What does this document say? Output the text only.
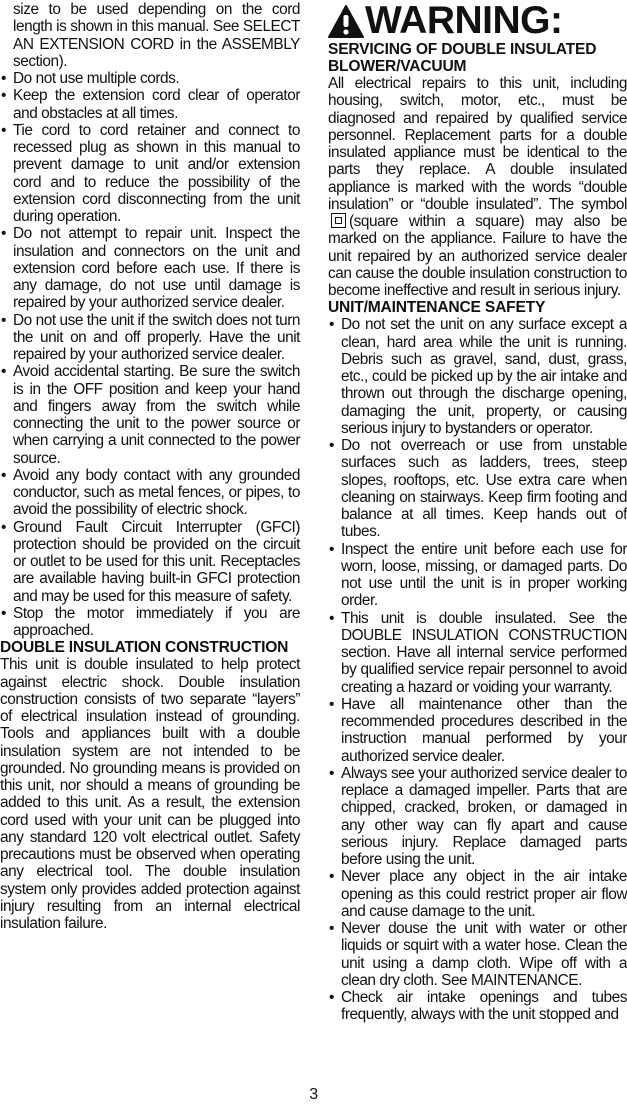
size to be used depending on the cord length is shown in this manual. See SELECT AN EXTENSION CORD in the ASSEMBLY section).

• Do not use multiple cords.

• Keep the extension cord clear of operator and obstacles at all times.

• Tie cord to cord retainer and connect to recessed plug as shown in this manual to prevent damage to unit and/or extension cord and to reduce the possibility of the extension cord disconnecting from the unit during operation.

• Do not attempt to repair unit. Inspect the insulation and connectors on the unit and extension cord before each use. If there is any damage, do not use until damage is repaired by your authorized service dealer.

• Do not use the unit if the switch does not turn the unit on and off properly. Have the unit repaired by your authorized service dealer.

• Avoid accidental starting. Be sure the switch is in the OFF position and keep your hand and fingers away from the switch while connecting the unit to the power source or when carrying a unit connected to the power source.

• Avoid any body contact with any grounded conductor, such as metal fences, or pipes, to avoid the possibility of electric shock.

• Ground Fault Circuit Interrupter (GFCI) protection should be provided on the circuit or outlet to be used for this unit. Receptacles are available having built-in GFCI protection and may be used for this measure of safety.

• Stop the motor immediately if you are approached.

DOUBLE INSULATION CONSTRUCTION

This unit is double insulated to help protect against electric shock. Double insulation construction consists of two separate “layers” of electrical insulation instead of grounding. Tools and appliances built with a double insulation system are not intended to be grounded. No grounding means is provided on this unit, nor should a means of grounding be added to this unit. As a result, the extension cord used with your unit can be plugged into any standard 120 volt electrical outlet. Safety precautions must be observed when operating any electrical tool. The double insulation system only provides added protection against injury resulting from an internal electrical insulation failure.

WARNING:
SERVICING OF DOUBLE INSULATED BLOWER/VACUUM

All electrical repairs to this unit, including housing, switch, motor, etc., must be diagnosed and repaired by qualified service personnel. Replacement parts for a double insulated appliance must be identical to the parts they replace. A double insulated appliance is marked with the words “double insulation” or “double insulated”. The symbol(square within a square) may also be marked on the appliance. Failure to have the unit repaired by an authorized service dealer can cause the double insulation construction to become ineffective and result in serious injury.

UNIT/MAINTENANCE SAFETY

• Do not set the unit on any surface except a clean, hard area while the unit is running. Debris such as gravel, sand, dust, grass, etc., could be picked up by the air intake and thrown out through the discharge opening, damaging the unit, property, or causing serious injury to bystanders or operator.

• Do not overreach or use from unstable surfaces such as ladders, trees, steep slopes, rooftops, etc. Use extra care when cleaning on stairways. Keep firm footing and balance at all times. Keep hands out of tubes.

• Inspect the entire unit before each use for worn, loose, missing, or damaged parts. Do not use until the unit is in proper working order.

• This unit is double insulated. See the DOUBLE INSULATION CONSTRUCTION section. Have all internal service performed by qualified service repair personnel to avoid creating a hazard or voiding your warranty.

• Have all maintenance other than the recommended procedures described in the instruction manual performed by your authorized service dealer.

• Always see your authorized service dealer to replace a damaged impeller. Parts that are chipped, cracked, broken, or damaged in any other way can fly apart and cause serious injury. Replace damaged parts before using the unit.

• Never place any object in the air intake opening as this could restrict proper air flow and cause damage to the unit.

• Never douse the unit with water or other liquids or squirt with a water hose. Clean the unit using a damp cloth. Wipe off with a clean dry cloth. See MAINTENANCE.

• Check air intake openings and tubes frequently, always with the unit stopped and

3
